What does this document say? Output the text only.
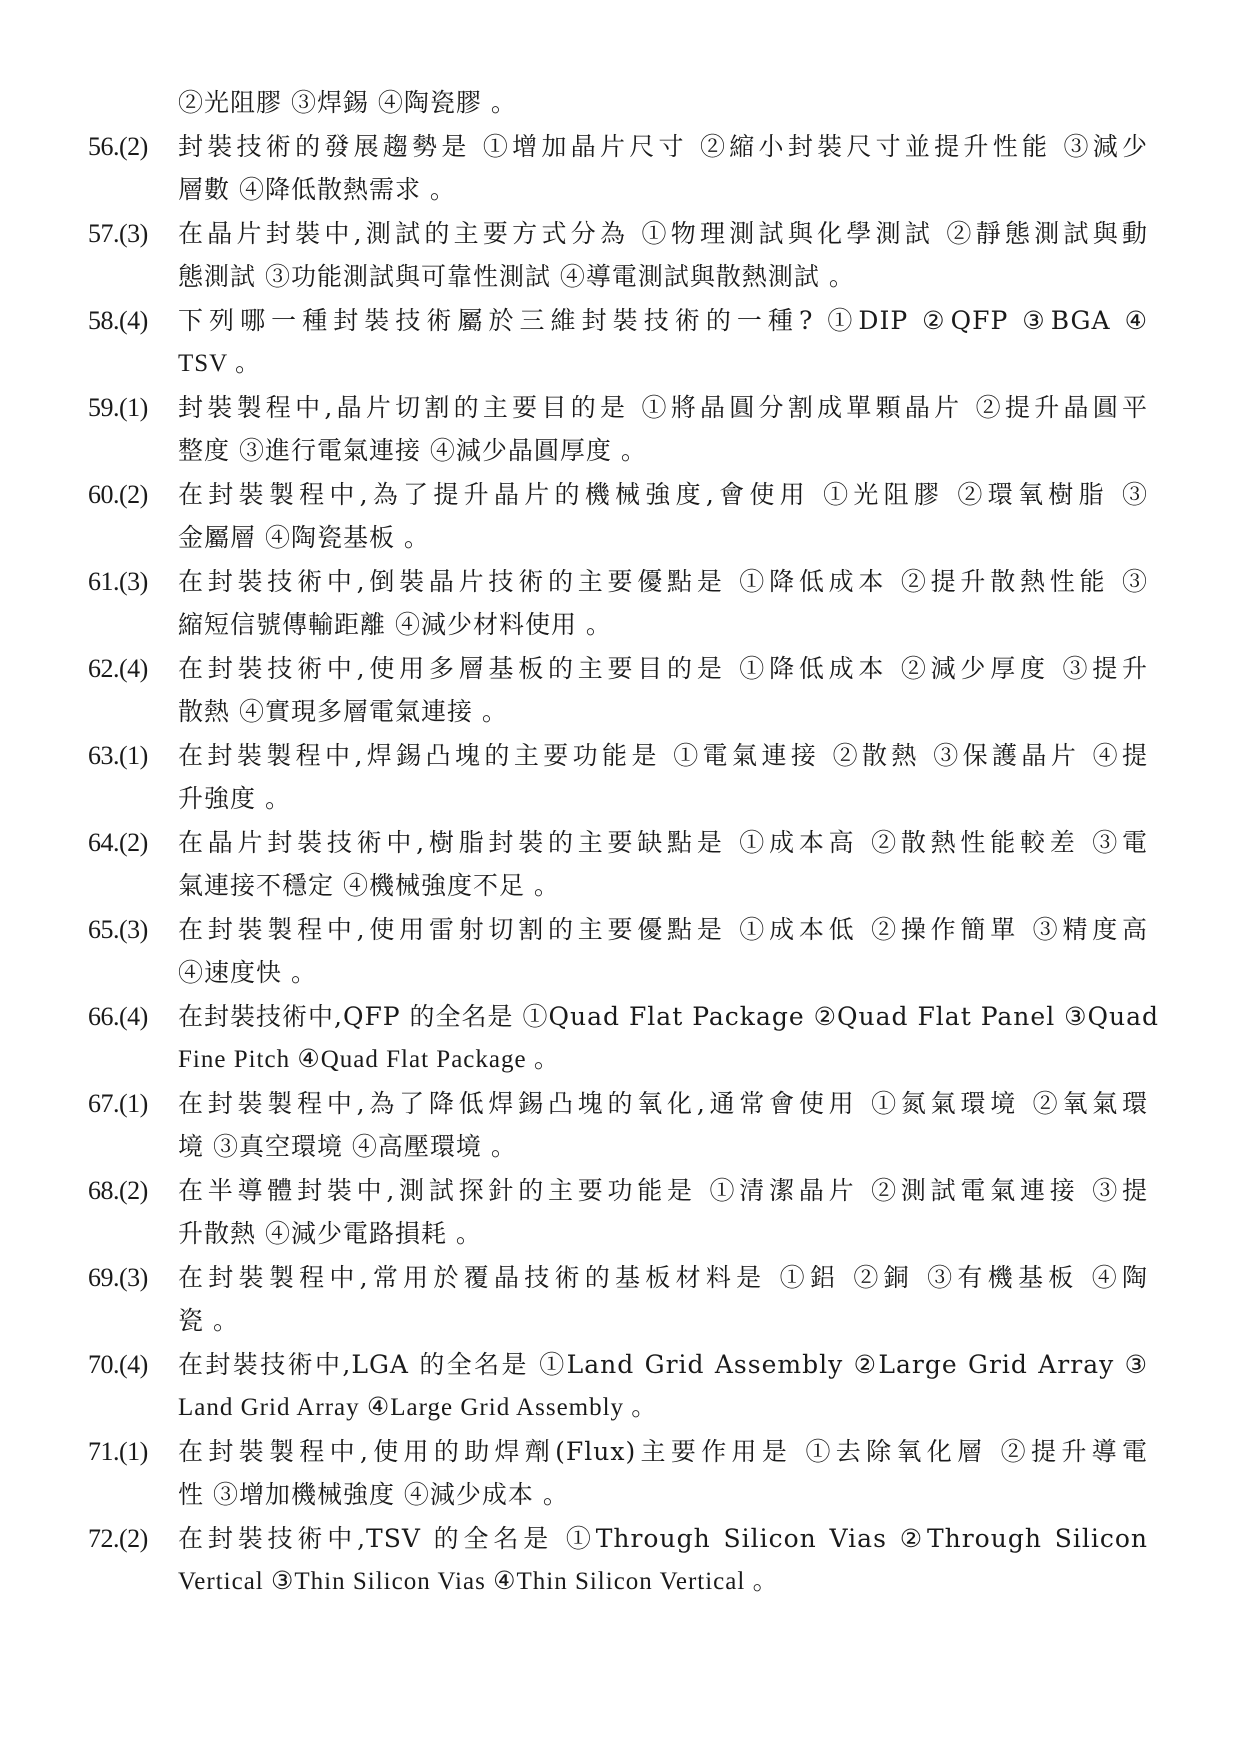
②光阻膠 ③焊錫 ④陶瓷膠 。
56.(2)	封裝技術的發展趨勢是 ①增加晶片尺寸 ②縮小封裝尺寸並提升性能 ③減少
層數 ④降低散熱需求 。
57.(3)	在晶片封裝中,測試的主要方式分為 ①物理測試與化學測試 ②靜態測試與動
態測試 ③功能測試與可靠性測試 ④導電測試與散熱測試 。
58.(4)	下列哪一種封裝技術屬於三維封裝技術的一種? ①DIP ②QFP ③BGA ④
TSV 。
59.(1)	封裝製程中,晶片切割的主要目的是 ①將晶圓分割成單顆晶片 ②提升晶圓平
整度 ③進行電氣連接 ④減少晶圓厚度 。
60.(2)	在封裝製程中,為了提升晶片的機械強度,會使用 ①光阻膠 ②環氧樹脂 ③
金屬層 ④陶瓷基板 。
61.(3)	在封裝技術中,倒裝晶片技術的主要優點是 ①降低成本 ②提升散熱性能 ③
縮短信號傳輸距離 ④減少材料使用 。
62.(4)	在封裝技術中,使用多層基板的主要目的是 ①降低成本 ②減少厚度 ③提升
散熱 ④實現多層電氣連接 。
63.(1)	在封裝製程中,焊錫凸塊的主要功能是 ①電氣連接 ②散熱 ③保護晶片 ④提
升強度 。
64.(2)	在晶片封裝技術中,樹脂封裝的主要缺點是 ①成本高 ②散熱性能較差 ③電
氣連接不穩定 ④機械強度不足 。
65.(3)	在封裝製程中,使用雷射切割的主要優點是 ①成本低 ②操作簡單 ③精度高
④速度快 。
66.(4)	在封裝技術中,QFP 的全名是 ①Quad Flat Package ②Quad Flat Panel ③Quad
Fine Pitch ④Quad Flat Package 。
67.(1)	在封裝製程中,為了降低焊錫凸塊的氧化,通常會使用 ①氮氣環境 ②氧氣環
境 ③真空環境 ④高壓環境 。
68.(2)	在半導體封裝中,測試探針的主要功能是 ①清潔晶片 ②測試電氣連接 ③提
升散熱 ④減少電路損耗 。
69.(3)	在封裝製程中,常用於覆晶技術的基板材料是 ①鋁 ②銅 ③有機基板 ④陶
瓷 。
70.(4)	在封裝技術中,LGA 的全名是 ①Land Grid Assembly ②Large Grid Array ③
Land Grid Array ④Large Grid Assembly 。
71.(1)	在封裝製程中,使用的助焊劑(Flux)主要作用是 ①去除氧化層 ②提升導電
性 ③增加機械強度 ④減少成本 。
72.(2)	在封裝技術中,TSV 的全名是 ①Through Silicon Vias ②Through Silicon
Vertical ③Thin Silicon Vias ④Thin Silicon Vertical 。
